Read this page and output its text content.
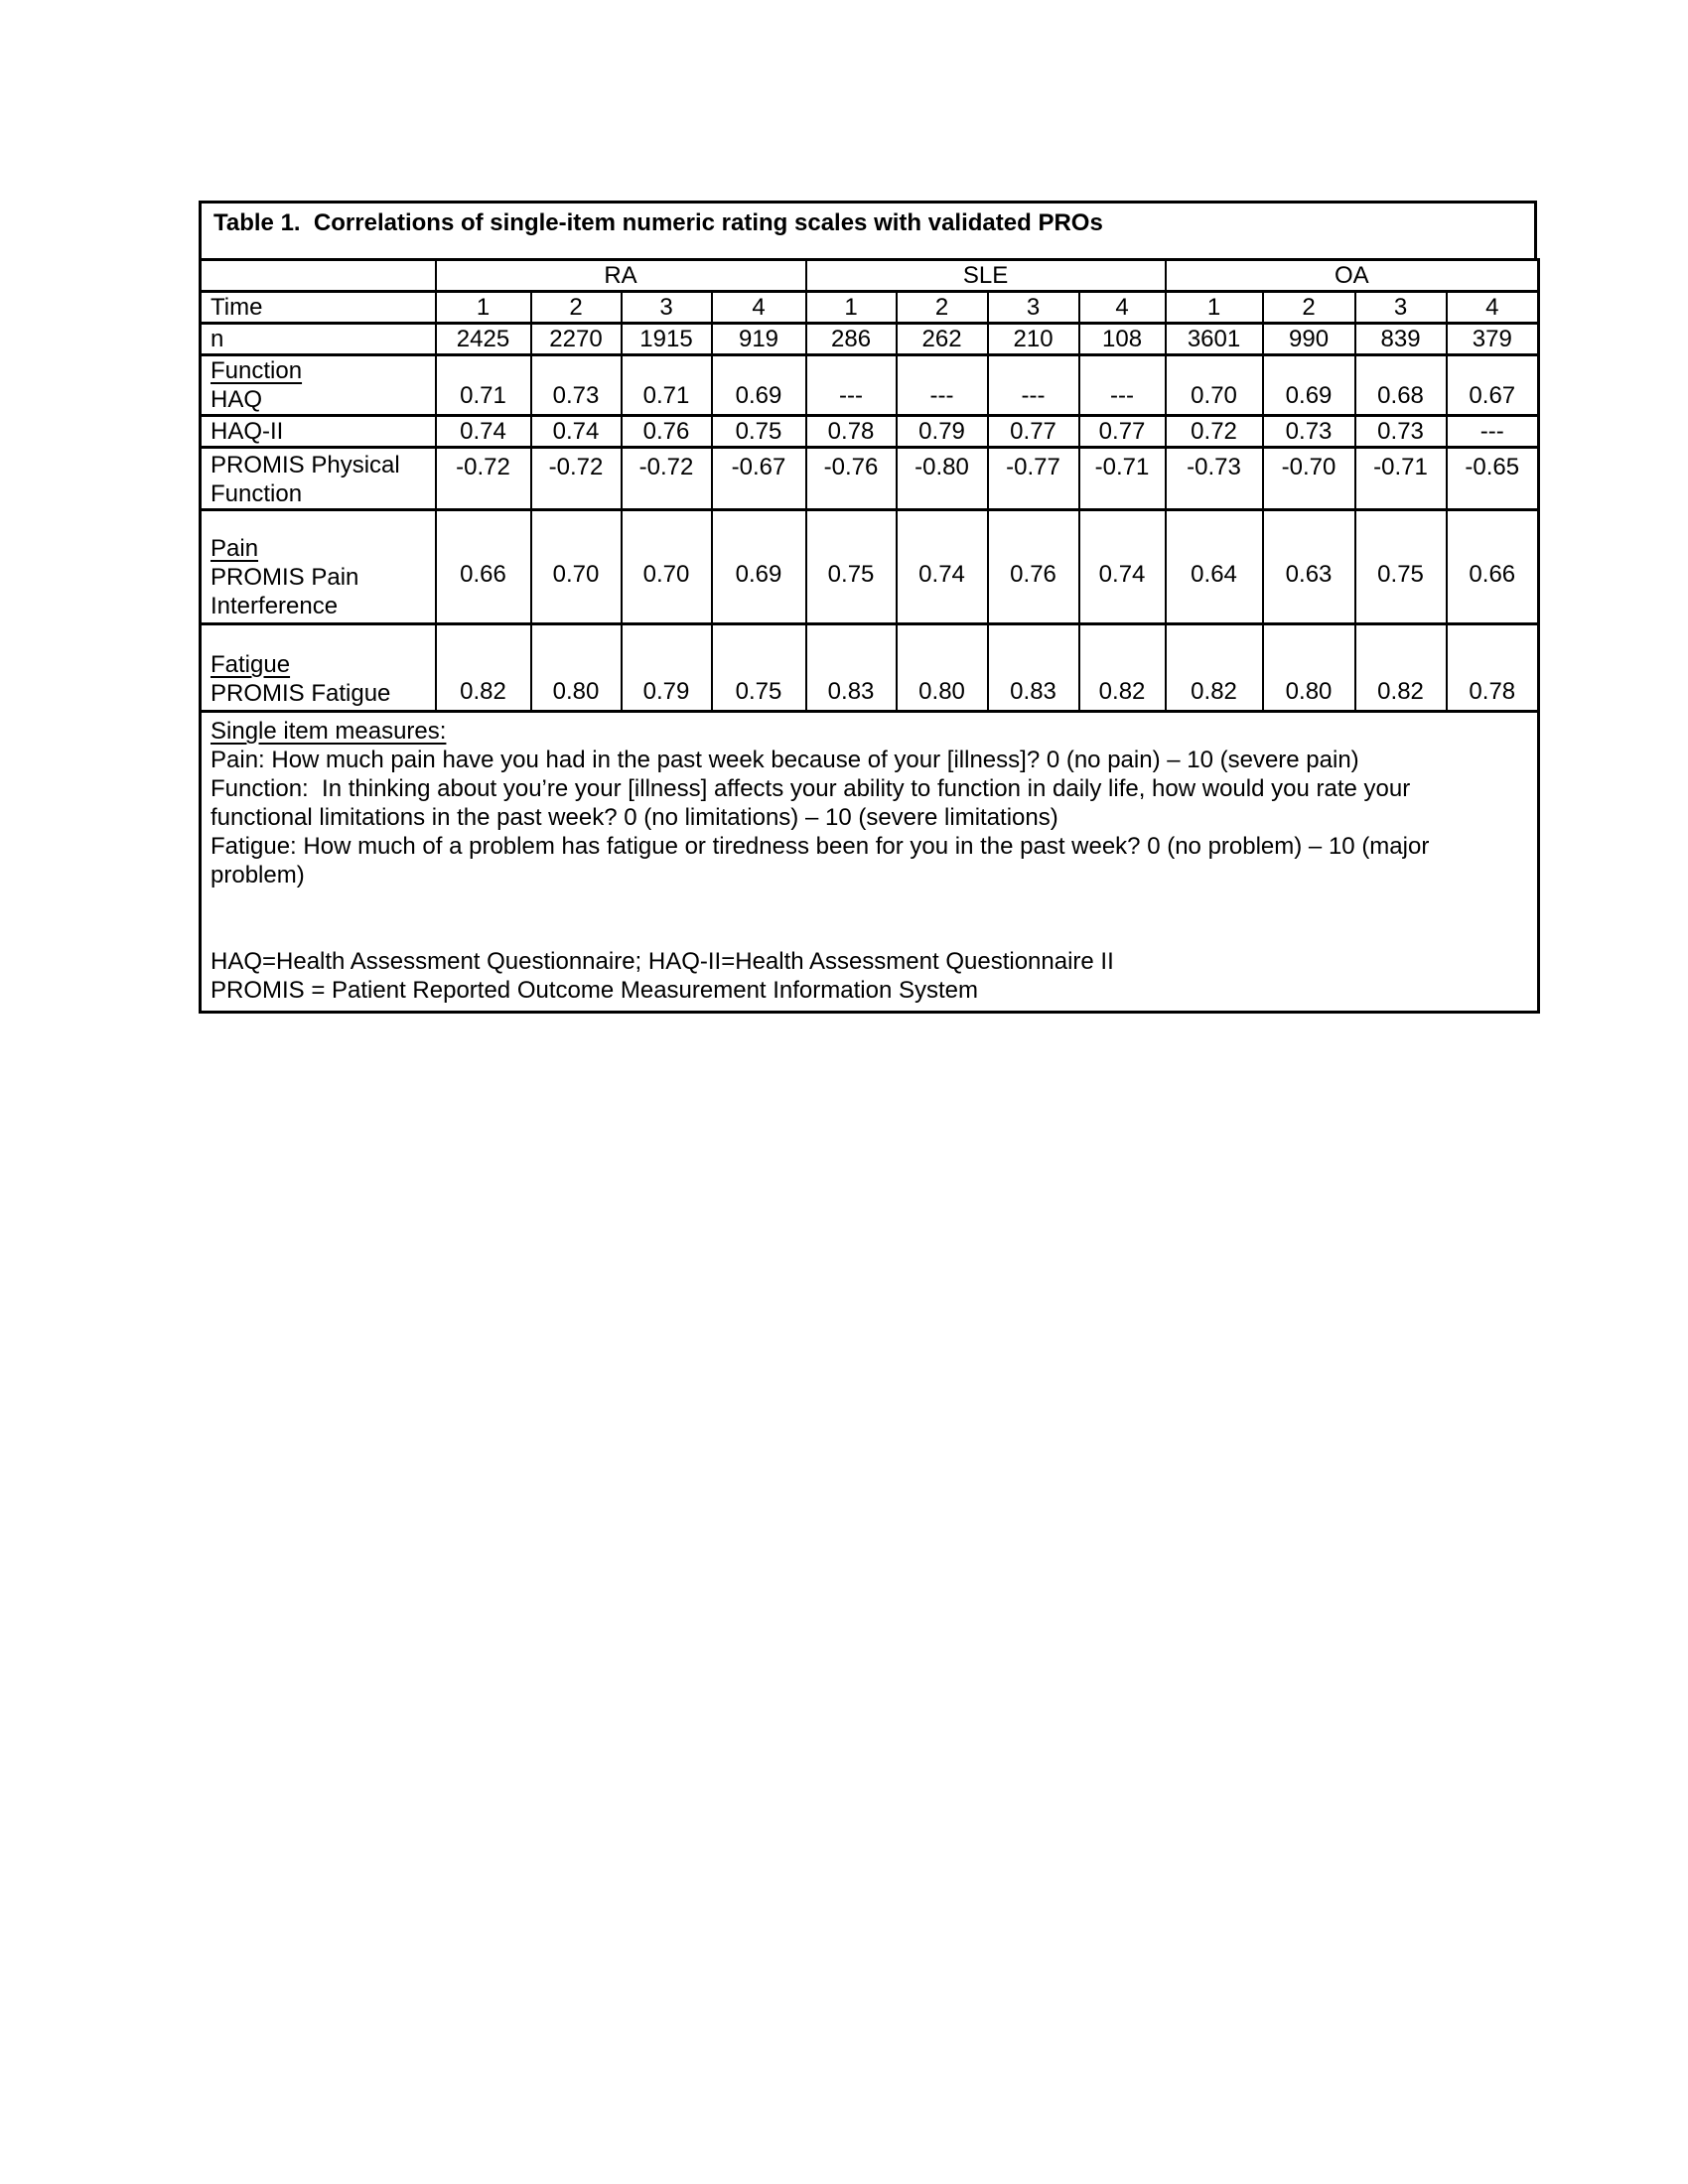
Table 1.  Correlations of single-item numeric rating scales with validated PROs
	RA				SLE				OA			
Time	1	2	3	4	1	2	3	4	1	2	3	4
n	2425	2270	1915	919	286	262	210	108	3601	990	839	379

Function
HAQ	0.71	0.73	0.71	0.69	---	---	---	---	0.70	0.69	0.68	0.67
HAQ-II	0.74	0.74	0.76	0.75	0.78	0.79	0.77	0.77	0.72	0.73	0.73	---

PROMIS Physical
Function	-0.72	-0.72	-0.72	-0.67	-0.76	-0.80	-0.77	-0.71	-0.73	-0.70	-0.71	-0.65

Pain
PROMIS Pain
Interference	0.66	0.70	0.70	0.69	0.75	0.74	0.76	0.74	0.64	0.63	0.75	0.66

Fatigue
PROMIS Fatigue	0.82	0.80	0.79	0.75	0.83	0.80	0.83	0.82	0.82	0.80	0.82	0.78

Single item measures:
Pain: How much pain have you had in the past week because of your [illness]? 0 (no pain) – 10 (severe pain)
Function:  In thinking about you’re your [illness] affects your ability to function in daily life, how would you rate your
functional limitations in the past week? 0 (no limitations) – 10 (severe limitations)
Fatigue: How much of a problem has fatigue or tiredness been for you in the past week? 0 (no problem) – 10 (major
problem)
HAQ=Health Assessment Questionnaire; HAQ-II=Health Assessment Questionnaire II
PROMIS = Patient Reported Outcome Measurement Information System
